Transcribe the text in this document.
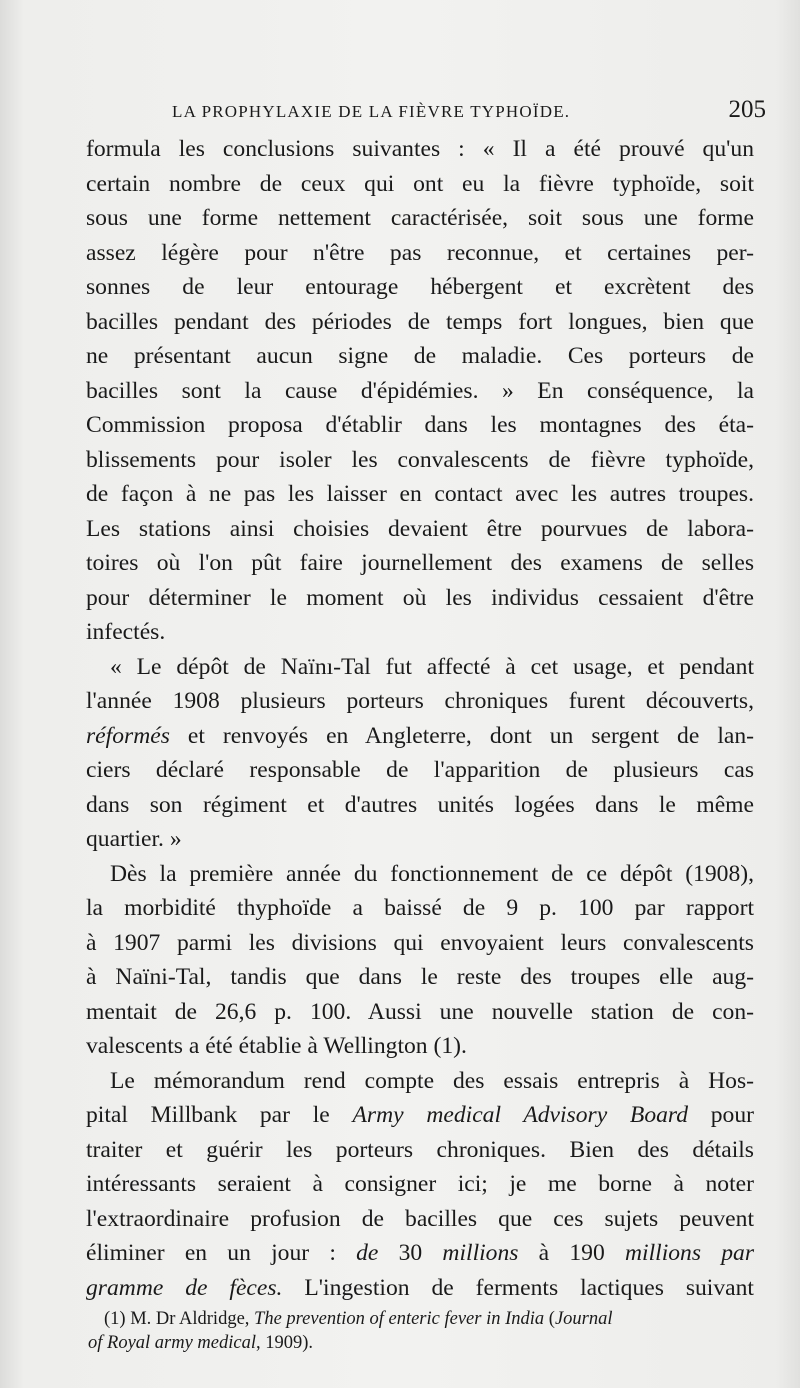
LA PROPHYLAXIE DE LA FIÈVRE TYPHOÏDE.	205
formula les conclusions suivantes : « Il a été prouvé qu'un
certain nombre de ceux qui ont eu la fièvre typhoïde, soit
sous une forme nettement caractérisée, soit sous une forme
assez légère pour n'être pas reconnue, et certaines per-
sonnes de leur entourage hébergent et excrètent des
bacilles pendant des périodes de temps fort longues, bien que
ne présentant aucun signe de maladie. Ces porteurs de
bacilles sont la cause d'épidémies. » En conséquence, la
Commission proposa d'établir dans les montagnes des éta-
blissements pour isoler les convalescents de fièvre typhoïde,
de façon à ne pas les laisser en contact avec les autres troupes.
Les stations ainsi choisies devaient être pourvues de labora-
toires où l'on pût faire journellement des examens de selles
pour déterminer le moment où les individus cessaient d'être
infectés.
« Le dépôt de Naïnı-Tal fut affecté à cet usage, et pendant
l'année 1908 plusieurs porteurs chroniques furent découverts,
réformés et renvoyés en Angleterre, dont un sergent de lan-
ciers déclaré responsable de l'apparition de plusieurs cas
dans son régiment et d'autres unités logées dans le même
quartier. »
Dès la première année du fonctionnement de ce dépôt (1908),
la morbidité thyphoïde a baissé de 9 p. 100 par rapport
à 1907 parmi les divisions qui envoyaient leurs convalescents
à Naïni-Tal, tandis que dans le reste des troupes elle aug-
mentait de 26,6 p. 100. Aussi une nouvelle station de con-
valescents a été établie à Wellington (1).
Le mémorandum rend compte des essais entrepris à Hos-
pital Millbank par le Army medical Advisory Board pour
traiter et guérir les porteurs chroniques. Bien des détails
intéressants seraient à consigner ici; je me borne à noter
l'extraordinaire profusion de bacilles que ces sujets peuvent
éliminer en un jour : de 30 millions à 190 millions par
gramme de fèces. L'ingestion de ferments lactiques suivant
(1) M. Dr Aldridge, The prevention of enteric fever in India (Journal
of Royal army medical, 1909).
